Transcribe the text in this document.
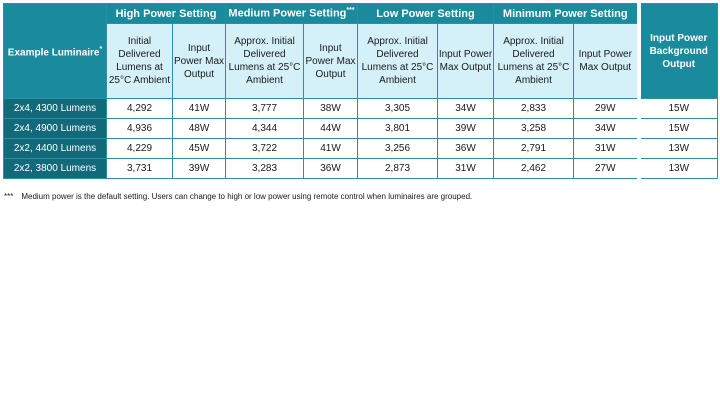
Example Luminaire*	High Power Setting		Medium Power Setting***		Low Power Setting		Minimum Power Setting		Input Power Background Output
	Initial Delivered Lumens at 25°C Ambient	Input Power Max Output	Approx. Initial Delivered Lumens at 25°C Ambient	Input Power Max Output	Approx. Initial Delivered Lumens at 25°C Ambient	Input Power Max Output	Approx. Initial Delivered Lumens at 25°C Ambient	Input Power Max Output	
2x4, 4300 Lumens	4,292	41W	3,777	38W	3,305	34W	2,833	29W	15W
2x4, 4900 Lumens	4,936	48W	4,344	44W	3,801	39W	3,258	34W	15W
2x2, 4400 Lumens	4,229	45W	3,722	41W	3,256	36W	2,791	31W	13W
2x2, 3800 Lumens	3,731	39W	3,283	36W	2,873	31W	2,462	27W	13W
*** Medium power is the default setting. Users can change to high or low power using remote control when luminaires are grouped.
